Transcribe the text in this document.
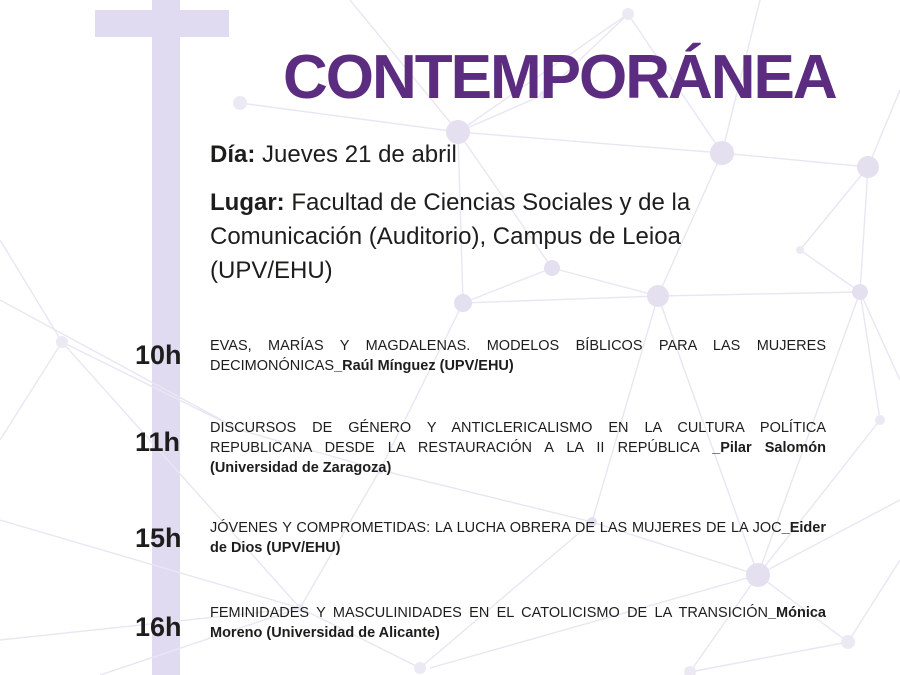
CONTEMPORÁNEA

Día: Jueves 21 de abril

Lugar: Facultad de Ciencias Sociales y de la Comunicación (Auditorio), Campus de Leioa (UPV/EHU)

10h EVAS, MARÍAS Y MAGDALENAS. MODELOS BÍBLICOS PARA LAS MUJERES DECIMONÓNICAS_Raúl Mínguez (UPV/EHU)

11h DISCURSOS DE GÉNERO Y ANTICLERICALISMO EN LA CULTURA POLÍTICA REPUBLICANA DESDE LA RESTAURACIÓN A LA II REPÚBLICA _Pilar Salomón (Universidad de Zaragoza)

15h JÓVENES Y COMPROMETIDAS: LA LUCHA OBRERA DE LAS MUJERES DE LA JOC_Eider de Dios (UPV/EHU)

16h FEMINIDADES Y MASCULINIDADES EN EL CATOLICISMO DE LA TRANSICIÓN_Mónica Moreno (Universidad de Alicante)
